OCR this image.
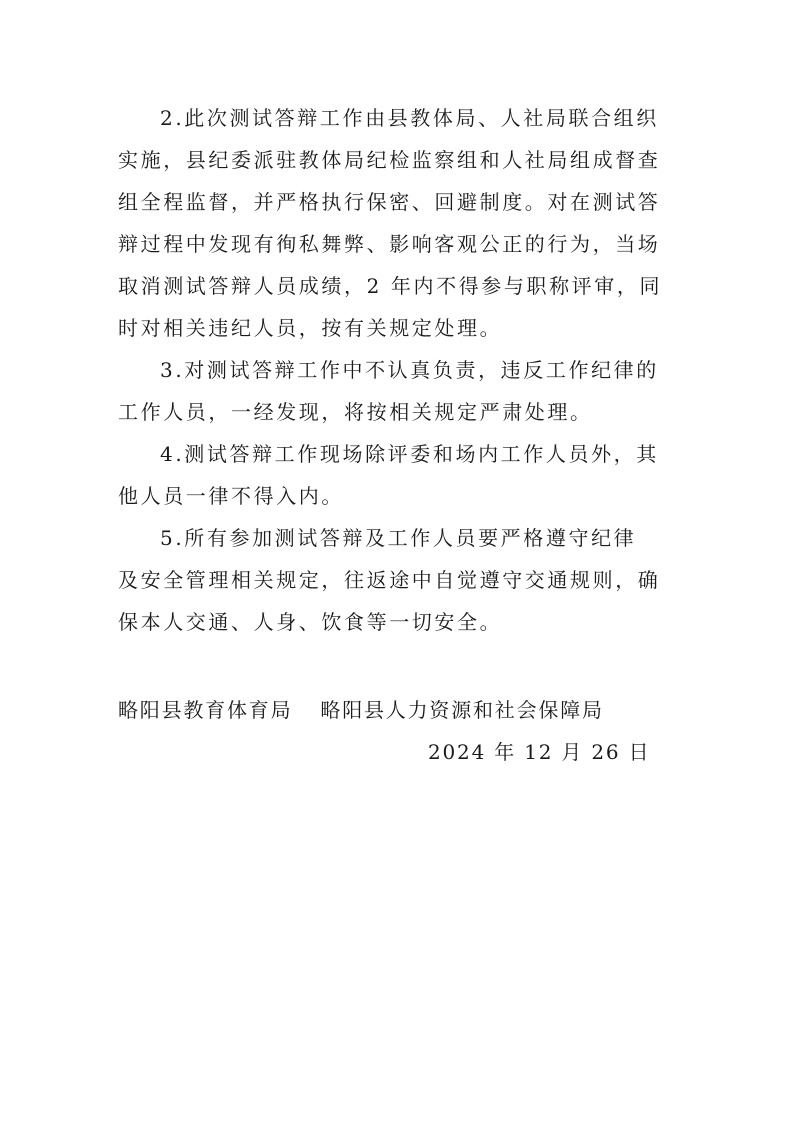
2.此次测试答辩工作由县教体局、人社局联合组织
实施，县纪委派驻教体局纪检监察组和人社局组成督查
组全程监督，并严格执行保密、回避制度。对在测试答
辩过程中发现有徇私舞弊、影响客观公正的行为，当场
取消测试答辩人员成绩，2 年内不得参与职称评审，同
时对相关违纪人员，按有关规定处理。
3.对测试答辩工作中不认真负责，违反工作纪律的
工作人员，一经发现，将按相关规定严肃处理。
4.测试答辩工作现场除评委和场内工作人员外，其
他人员一律不得入内。
5.所有参加测试答辩及工作人员要严格遵守纪律
及安全管理相关规定，往返途中自觉遵守交通规则，确
保本人交通、人身、饮食等一切安全。
略阳县教育体育局 略阳县人力资源和社会保障局
2024 年 12 月 26 日
